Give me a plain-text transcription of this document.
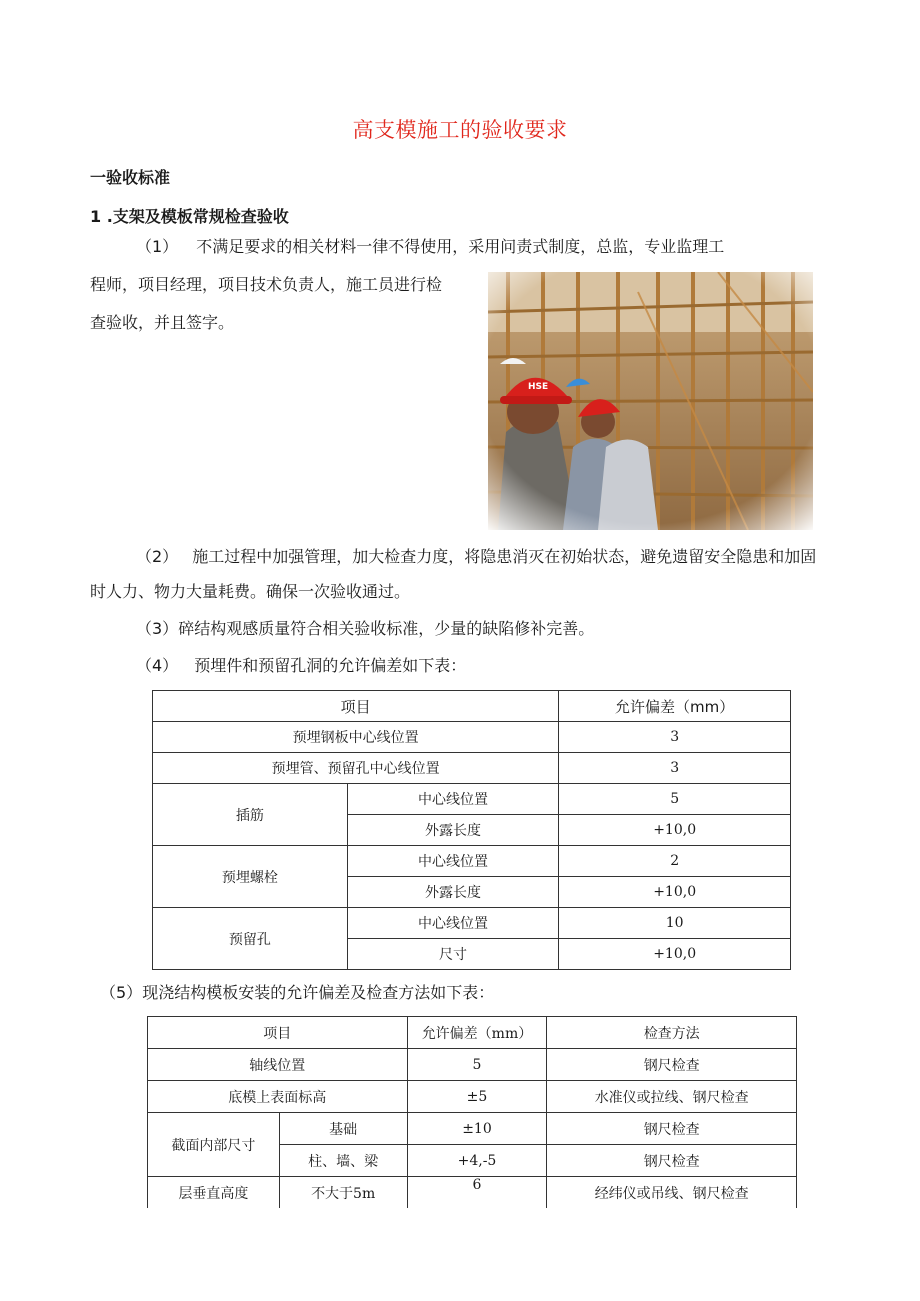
高支模施工的验收要求
一验收标准
1 .支架及模板常规检查验收
（1） 不满足要求的相关材料一律不得使用，采用问责式制度，总监，专业监理工
程师，项目经理，项目技术负责人，施工员进行检
查验收，并且签字。
（2） 施工过程中加强管理，加大检查力度，将隐患消灭在初始状态，避免遗留安全隐患和加固
时人力、物力大量耗费。确保一次验收通过。
（3）碎结构观感质量符合相关验收标准，少量的缺陷修补完善。
（4） 预埋件和预留孔洞的允许偏差如下表：
项目		允许偏差（mm）
预埋钢板中心线位置		3
预埋管、预留孔中心线位置		3
插筋	中心线位置	5
	外露长度	+10,0
预埋螺栓	中心线位置	2
	外露长度	+10,0
预留孔	中心线位置	10
	尺寸	+10,0
（5）现浇结构模板安装的允许偏差及检查方法如下表：
项目		允许偏差（mm）	检查方法
轴线位置		5	钢尺检查
底模上表面标高		±5	水准仪或拉线、钢尺检查
截面内部尺寸	基础	±10	钢尺检查
	柱、墙、梁	+4,-5	钢尺检查
层垂直高度	不大于5m	6	经纬仪或吊线、钢尺检查
